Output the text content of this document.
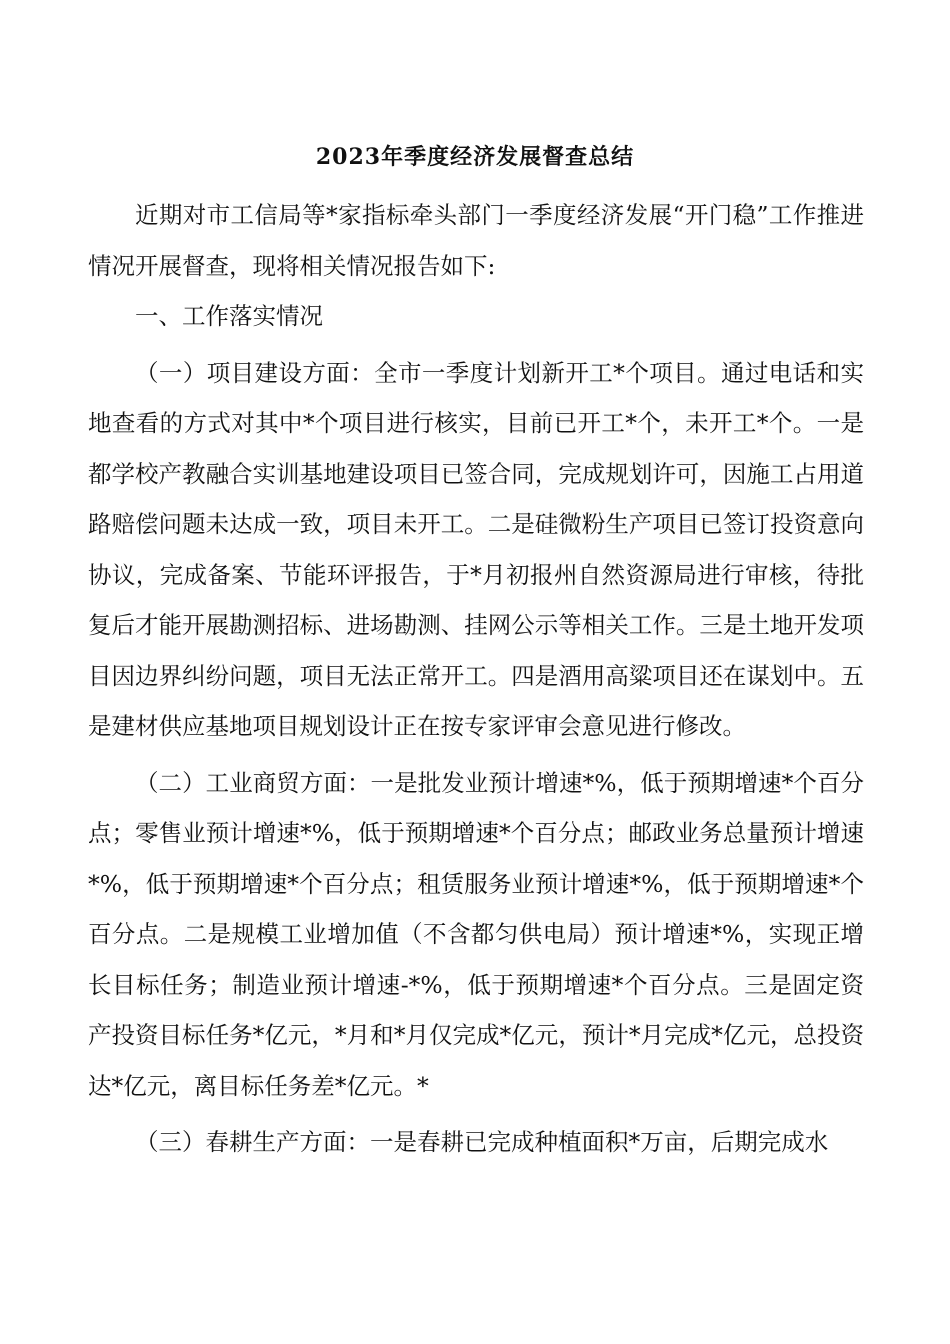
2023年季度经济发展督查总结

近期对市工信局等*家指标牵头部门一季度经济发展“开门稳”工作推进情况开展督查，现将相关情况报告如下:

一、工作落实情况

（一）项目建设方面：全市一季度计划新开工*个项目。通过电话和实地查看的方式对其中*个项目进行核实，目前已开工*个，未开工*个。一是都学校产教融合实训基地建设项目已签合同，完成规划许可，因施工占用道路赔偿问题未达成一致，项目未开工。二是硅微粉生产项目已签订投资意向协议，完成备案、节能环评报告，于*月初报州自然资源局进行审核，待批复后才能开展勘测招标、进场勘测、挂网公示等相关工作。三是土地开发项目因边界纠纷问题，项目无法正常开工。四是酒用高粱项目还在谋划中。五是建材供应基地项目规划设计正在按专家评审会意见进行修改。

（二）工业商贸方面：一是批发业预计增速*%，低于预期增速*个百分点；零售业预计增速*%，低于预期增速*个百分点；邮政业务总量预计增速*%，低于预期增速*个百分点；租赁服务业预计增速*%，低于预期增速*个百分点。二是规模工业增加值（不含都匀供电局）预计增速*%，实现正增长目标任务；制造业预计增速-*%，低于预期增速*个百分点。三是固定资产投资目标任务*亿元，*月和*月仅完成*亿元，预计*月完成*亿元，总投资达*亿元，离目标任务差*亿元。*

（三）春耕生产方面：一是春耕已完成种植面积*万亩，后期完成水
